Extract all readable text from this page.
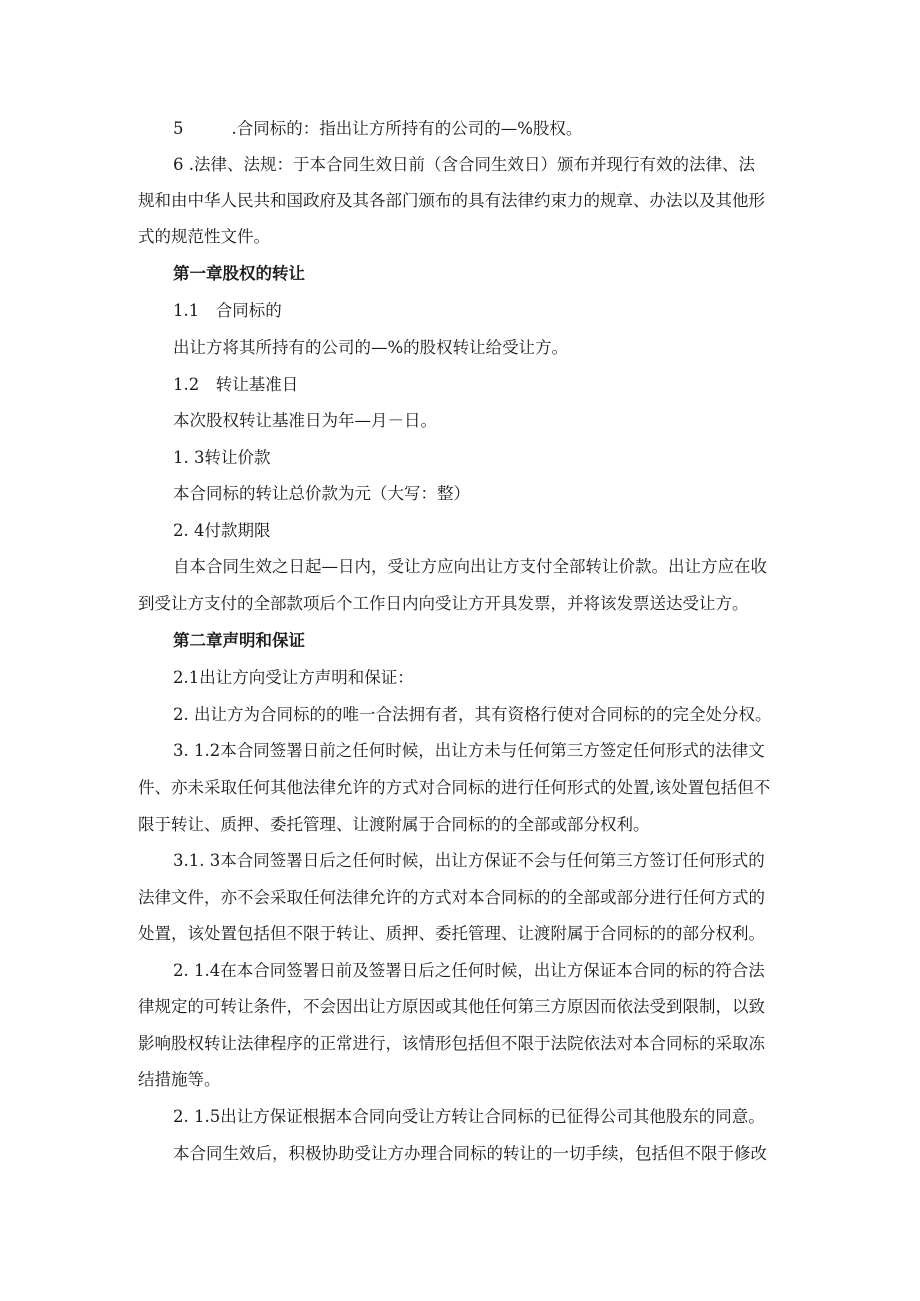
5	.合同标的：指出让方所持有的公司的—%股权。
6 .法律、法规：于本合同生效日前（含合同生效日）颁布并现行有效的法律、法
规和由中华人民共和国政府及其各部门颁布的具有法律约束力的规章、办法以及其他形
式的规范性文件。
第一章股权的转让
1.1　合同标的
出让方将其所持有的公司的—%的股权转让给受让方。
1.2　转让基准日
本次股权转让基准日为年—月－日。
1. 3转让价款
本合同标的转让总价款为元（大写：整）
2. 4付款期限
自本合同生效之日起—日内，受让方应向出让方支付全部转让价款。出让方应在收
到受让方支付的全部款项后个工作日内向受让方开具发票，并将该发票送达受让方。
第二章声明和保证
2.1出让方向受让方声明和保证：
2. 出让方为合同标的的唯一合法拥有者，其有资格行使对合同标的的完全处分权。
3. 1.2本合同签署日前之任何时候，出让方未与任何第三方签定任何形式的法律文
件、亦未采取任何其他法律允许的方式对合同标的进行任何形式的处置,该处置包括但不
限于转让、质押、委托管理、让渡附属于合同标的的全部或部分权利。
3.1. 3本合同签署日后之任何时候，出让方保证不会与任何第三方签订任何形式的
法律文件，亦不会采取任何法律允许的方式对本合同标的的全部或部分进行任何方式的
处置，该处置包括但不限于转让、质押、委托管理、让渡附属于合同标的的部分权利。
2. 1.4在本合同签署日前及签署日后之任何时候，出让方保证本合同的标的符合法
律规定的可转让条件，不会因出让方原因或其他任何第三方原因而依法受到限制，以致
影响股权转让法律程序的正常进行，该情形包括但不限于法院依法对本合同标的采取冻
结措施等。
2. 1.5出让方保证根据本合同向受让方转让合同标的已征得公司其他股东的同意。
本合同生效后，积极协助受让方办理合同标的转让的一切手续，包括但不限于修改
